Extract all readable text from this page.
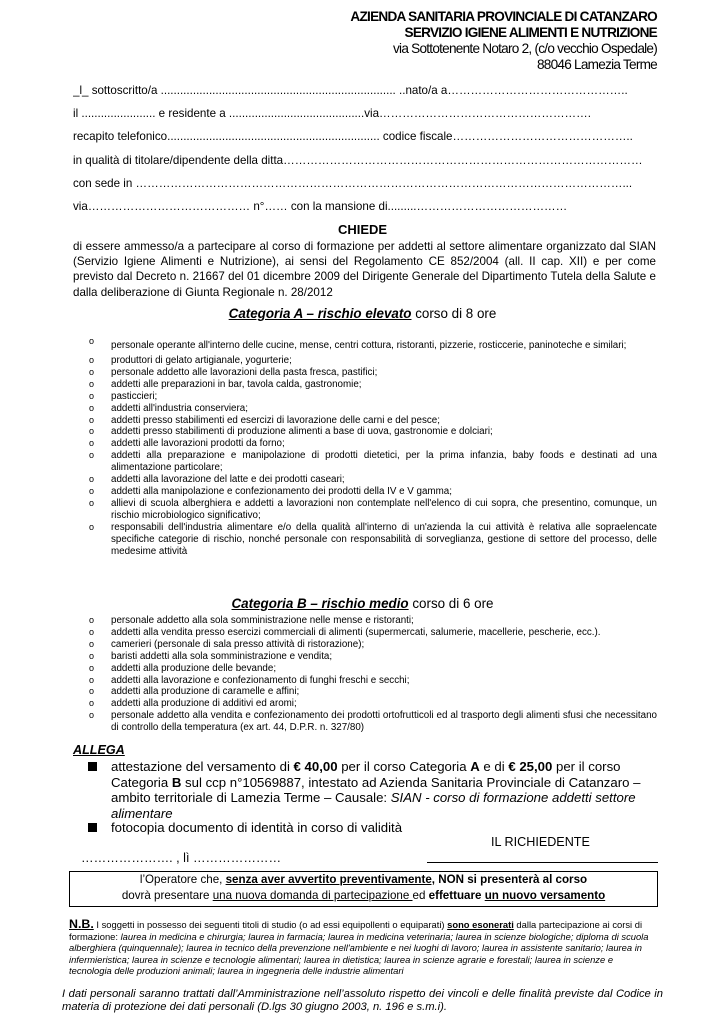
AZIENDA SANITARIA PROVINCIALE DI CATANZARO
SERVIZIO IGIENE ALIMENTI E NUTRIZIONE
via Sottotenente Notaro 2, (c/o vecchio Ospedale)
88046 Lamezia Terme
_l_ sottoscritto/a ......................................................................... ..nato/a a………………………………………..
il ....................... e residente a ..........................................via……………………………………………….
recapito telefonico.................................................................. codice fiscale………………………………………..
in qualità di titolare/dipendente della ditta…………………………………………………………………………………
con sede in ………………………………………………………………………………………………………………...
via…………………………………… n°…… con la mansione di.........…………………………………
CHIEDE
di essere ammesso/a a partecipare al corso di formazione per addetti al settore alimentare organizzato dal SIAN (Servizio Igiene Alimenti e Nutrizione), ai sensi del Regolamento CE 852/2004 (all. II cap. XII) e per come previsto dal Decreto n. 21667 del 01 dicembre 2009 del Dirigente Generale del Dipartimento Tutela della Salute e dalla deliberazione di Giunta Regionale n. 28/2012
Categoria A – rischio elevato corso di 8 ore
o personale operante all'interno delle cucine, mense, centri cottura, ristoranti, pizzerie, rosticcerie, paninoteche e similari;
o produttori di gelato artigianale, yogurterie;
o personale addetto alle lavorazioni della pasta fresca, pastifici;
o addetti alle preparazioni in bar, tavola calda, gastronomie;
o pasticcieri;
o addetti all'industria conserviera;
o addetti presso stabilimenti ed esercizi di lavorazione delle carni e del pesce;
o addetti presso stabilimenti di produzione alimenti a base di uova, gastronomie e dolciari;
o addetti alle lavorazioni prodotti da forno;
o addetti alla preparazione e manipolazione di prodotti dietetici, per la prima infanzia, baby foods e destinati ad una alimentazione particolare;
o addetti alla lavorazione del latte e dei prodotti caseari;
o addetti alla manipolazione e confezionamento dei prodotti della IV e V gamma;
o allievi di scuola alberghiera e addetti a lavorazioni non contemplate nell'elenco di cui sopra, che presentino, comunque, un rischio microbiologico significativo;
o responsabili dell'industria alimentare e/o della qualità all'interno di un'azienda la cui attività è relativa alle sopraelencate specifiche categorie di rischio, nonché personale con responsabilità di sorveglianza, gestione di settore del processo, delle medesime attività
Categoria B – rischio medio corso di 6 ore
o personale addetto alla sola somministrazione nelle mense e ristoranti;
o addetti alla vendita presso esercizi commerciali di alimenti (supermercati, salumerie, macellerie, pescherie, ecc.).
o camerieri (personale di sala presso attività di ristorazione);
o baristi addetti alla sola somministrazione e vendita;
o addetti alla produzione delle bevande;
o addetti alla lavorazione e confezionamento di funghi freschi e secchi;
o addetti alla produzione di caramelle e affini;
o addetti alla produzione di additivi ed aromi;
o personale addetto alla vendita e confezionamento dei prodotti ortofrutticoli ed al trasporto degli alimenti sfusi che necessitano di controllo della temperatura (ex art. 44, D.P.R. n. 327/80)
ALLEGA
attestazione del versamento di € 40,00 per il corso Categoria A e di € 25,00 per il corso Categoria B sul ccp n°10569887, intestato ad Azienda Sanitaria Provinciale di Catanzaro – ambito territoriale di Lamezia Terme – Causale: SIAN - corso di formazione addetti settore alimentare
fotocopia documento di identità in corso di validità
IL RICHIEDENTE
…………………. , lì …………………
l’Operatore che, senza aver avvertito preventivamente, NON si presenterà al corso
dovrà presentare una nuova domanda di partecipazione ed effettuare un nuovo versamento
N.B. I soggetti in possesso dei seguenti titoli di studio (o ad essi equipollenti o equiparati) sono esonerati dalla partecipazione ai corsi di formazione: laurea in medicina e chirurgia; laurea in farmacia; laurea in medicina veterinaria; laurea in scienze biologiche; diploma di scuola alberghiera (quinquennale); laurea in tecnico della prevenzione nell'ambiente e nei luoghi di lavoro; laurea in assistente sanitario; laurea in infermieristica; laurea in scienze e tecnologie alimentari; laurea in dietistica; laurea in scienze agrarie e forestali; laurea in scienze e tecnologia delle produzioni animali; laurea in ingegneria delle industrie alimentari
I dati personali saranno trattati dall’Amministrazione nell’assoluto rispetto dei vincoli e delle finalità previste dal Codice in materia di protezione dei dati personali (D.lgs 30 giugno 2003, n. 196 e s.m.i).
